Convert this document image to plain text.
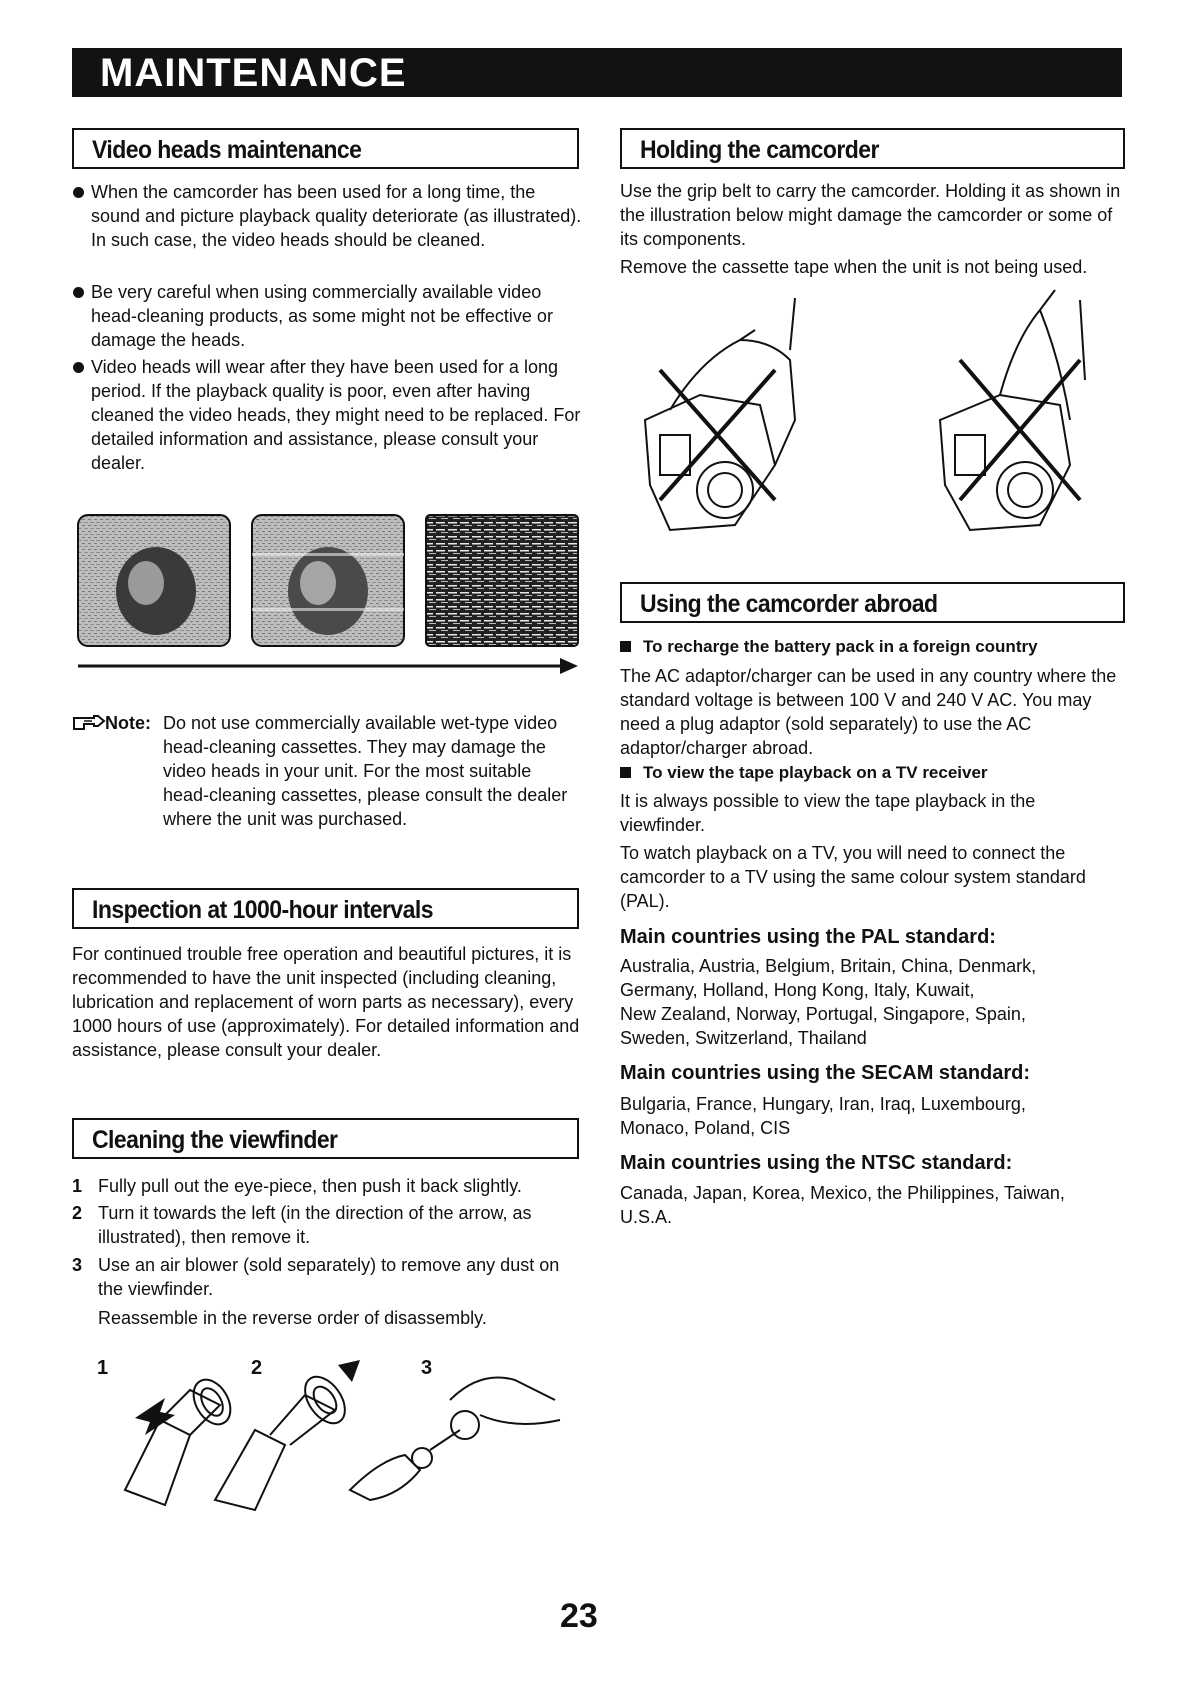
MAINTENANCE
Video heads maintenance
When the camcorder has been used for a long time, the sound and picture playback quality deteriorate (as illustrated). In such case, the video heads should be cleaned.
Be very careful when using commercially available video head-cleaning products, as some might not be effective or damage the heads.
Video heads will wear after they have been used for a long period. If the playback quality is poor, even after having cleaned the video heads, they might need to be replaced. For detailed information and assistance, please consult your dealer.
Note: Do not use commercially available wet-type video head-cleaning cassettes. They may damage the video heads in your unit. For the most suitable head-cleaning cassettes, please consult the dealer where the unit was purchased.
Inspection at 1000-hour intervals
For continued trouble free operation and beautiful pictures, it is recommended to have the unit inspected (including cleaning, lubrication and replacement of worn parts as necessary), every 1000 hours of use (approximately). For detailed information and assistance, please consult your dealer.
Cleaning the viewfinder
1 Fully pull out the eye-piece, then push it back slightly.
2 Turn it towards the left (in the direction of the arrow, as illustrated), then remove it.
3 Use an air blower (sold separately) to remove any dust on the viewfinder.
Reassemble in the reverse order of disassembly.
1	2	3
Holding the camcorder

Use the grip belt to carry the camcorder. Holding it as shown in the illustration below might damage the camcorder or some of its components.

Remove the cassette tape when the unit is not being used.

Using the camcorder abroad
To recharge the battery pack in a foreign country
The AC adaptor/charger can be used in any country where the standard voltage is between 100 V and 240 V AC. You may need a plug adaptor (sold separately) to use the AC adaptor/charger abroad.
To view the tape playback on a TV receiver

It is always possible to view the tape playback in the viewfinder.

To watch playback on a TV, you will need to connect the camcorder to a TV using the same colour system standard (PAL).

Main countries using the PAL standard:

Australia, Austria, Belgium, Britain, China, Denmark,

Germany, Holland, Hong Kong, Italy, Kuwait,

New Zealand, Norway, Portugal, Singapore, Spain,

Sweden, Switzerland, Thailand

Main countries using the SECAM standard:

Bulgaria, France, Hungary, Iran, Iraq, Luxembourg,

Monaco, Poland, CIS

Main countries using the NTSC standard:

Canada, Japan, Korea, Mexico, the Philippines, Taiwan,

U.S.A.

23
